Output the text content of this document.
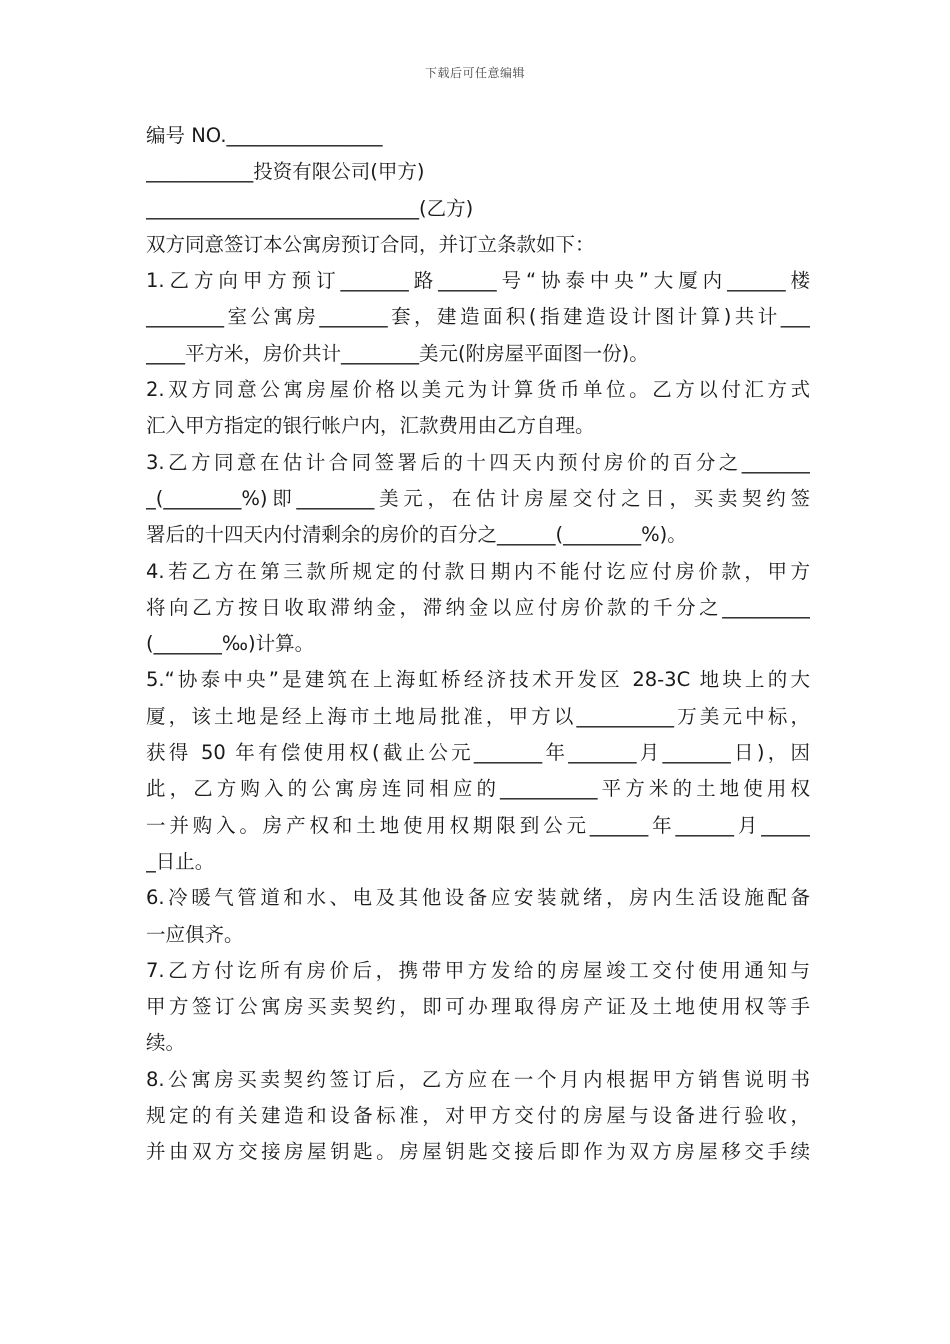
下载后可任意编辑
编号 NO.________________
___________投资有限公司(甲方)
____________________________(乙方)
双方同意签订本公寓房预订合同，并订立条款如下：
1.乙方向甲方预订_______路______号“协泰中央”大厦内______楼
________室公寓房_______套，建造面积(指建造设计图计算)共计___
____平方米，房价共计________美元(附房屋平面图一份)。
2.双方同意公寓房屋价格以美元为计算货币单位。乙方以付汇方式
汇入甲方指定的银行帐户内，汇款费用由乙方自理。
3.乙方同意在估计合同签署后的十四天内预付房价的百分之_______
_(________%)即________美元，在估计房屋交付之日，买卖契约签
署后的十四天内付清剩余的房价的百分之______(________%)。
4.若乙方在第三款所规定的付款日期内不能付讫应付房价款，甲方
将向乙方按日收取滞纳金，滞纳金以应付房价款的千分之_________
(_______‰)计算。
5.“协泰中央”是建筑在上海虹桥经济技术开发区 28-3C 地块上的大
厦，该土地是经上海市土地局批准，甲方以__________万美元中标，
获得 50 年有偿使用权(截止公元_______年_______月_______日)，因
此，乙方购入的公寓房连同相应的__________平方米的土地使用权
一并购入。房产权和土地使用权期限到公元______年______月_____
_日止。
6.冷暖气管道和水、电及其他设备应安装就绪，房内生活设施配备
一应俱齐。
7.乙方付讫所有房价后，携带甲方发给的房屋竣工交付使用通知与
甲方签订公寓房买卖契约，即可办理取得房产证及土地使用权等手
续。
8.公寓房买卖契约签订后，乙方应在一个月内根据甲方销售说明书
规定的有关建造和设备标准，对甲方交付的房屋与设备进行验收，
并由双方交接房屋钥匙。房屋钥匙交接后即作为双方房屋移交手续
